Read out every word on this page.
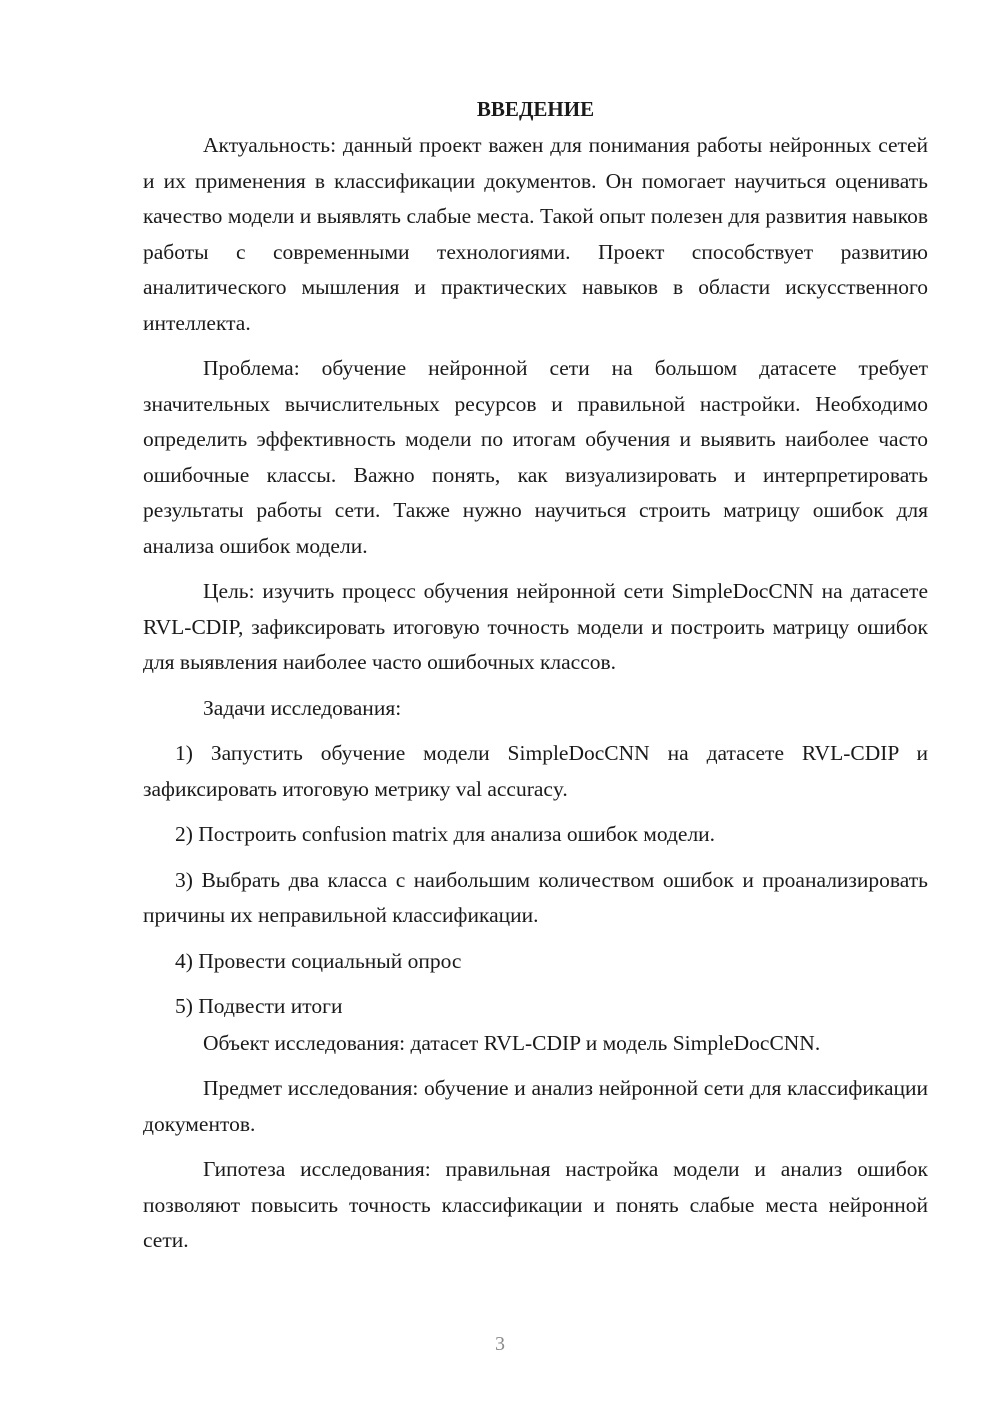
ВВЕДЕНИЕ

Актуальность: данный проект важен для понимания работы нейронных сетей и их применения в классификации документов. Он помогает научиться оценивать качество модели и выявлять слабые места. Такой опыт полезен для развития навыков работы с современными технологиями. Проект способствует развитию аналитического мышления и практических навыков в области искусственного интеллекта.

Проблема: обучение нейронной сети на большом датасете требует значительных вычислительных ресурсов и правильной настройки. Необходимо определить эффективность модели по итогам обучения и выявить наиболее часто ошибочные классы. Важно понять, как визуализировать и интерпретировать результаты работы сети. Также нужно научиться строить матрицу ошибок для анализа ошибок модели.

Цель: изучить процесс обучения нейронной сети SimpleDocCNN на датасете RVL-CDIP, зафиксировать итоговую точность модели и построить матрицу ошибок для выявления наиболее часто ошибочных классов.

Задачи исследования:

1) Запустить обучение модели SimpleDocCNN на датасете RVL-CDIP и зафиксировать итоговую метрику val accuracy.

2) Построить confusion matrix для анализа ошибок модели.

3) Выбрать два класса с наибольшим количеством ошибок и проанализировать причины их неправильной классификации.

4) Провести социальный опрос

5) Подвести итоги

Объект исследования: датасет RVL-CDIP и модель SimpleDocCNN.

Предмет исследования: обучение и анализ нейронной сети для классификации документов.

Гипотеза исследования: правильная настройка модели и анализ ошибок позволяют повысить точность классификации и понять слабые места нейронной сети.

3
